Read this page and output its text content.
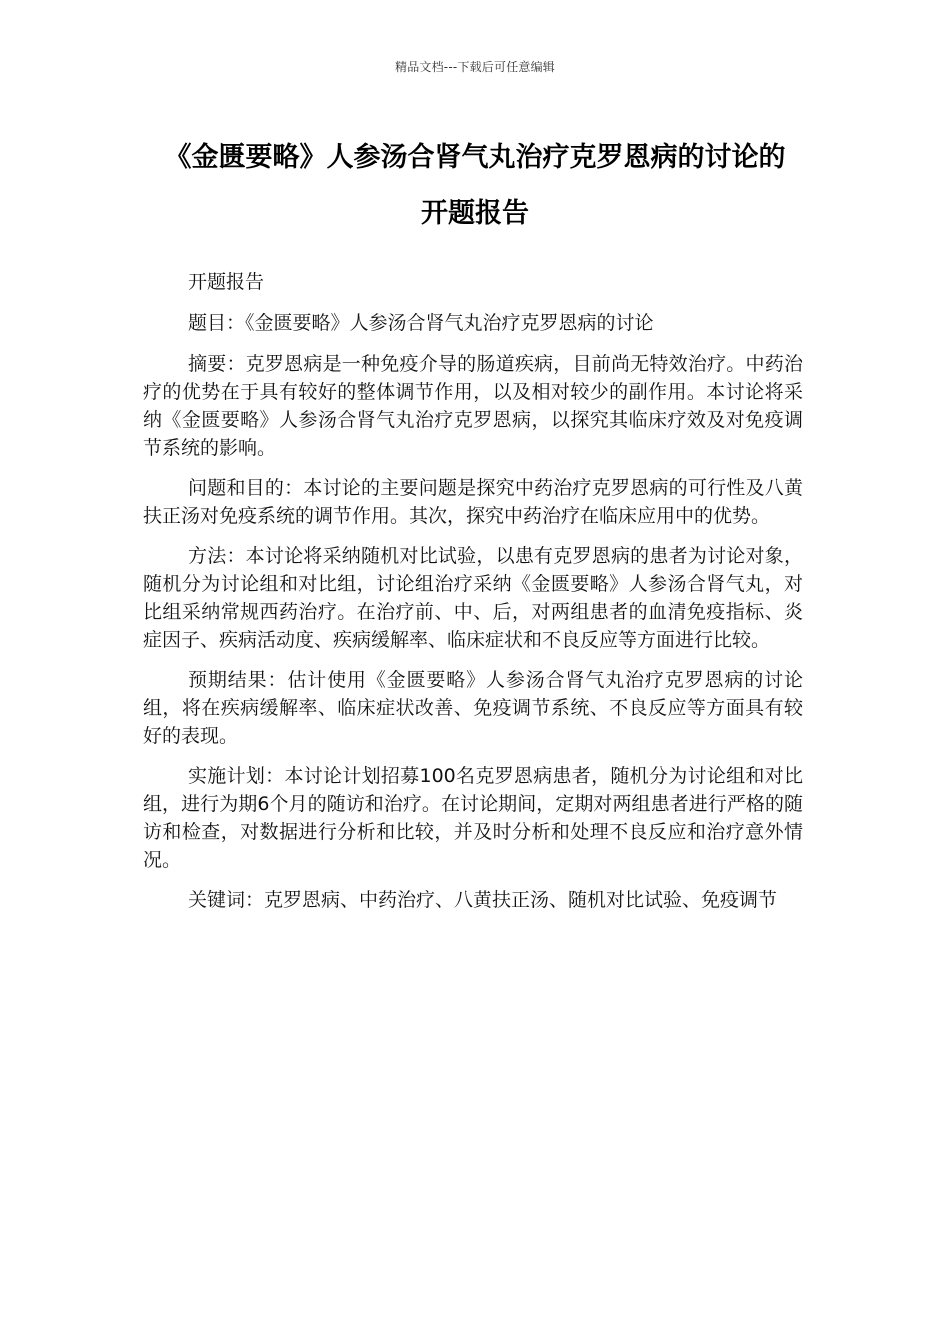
精品文档---下载后可任意编辑
《金匮要略》人参汤合肾气丸治疗克罗恩病的讨论的
开题报告

开题报告

题目：《金匮要略》人参汤合肾气丸治疗克罗恩病的讨论

摘要：克罗恩病是一种免疫介导的肠道疾病，目前尚无特效治疗。中药治疗的优势在于具有较好的整体调节作用，以及相对较少的副作用。本讨论将采纳《金匮要略》人参汤合肾气丸治疗克罗恩病，以探究其临床疗效及对免疫调节系统的影响。

问题和目的：本讨论的主要问题是探究中药治疗克罗恩病的可行性及八黄扶正汤对免疫系统的调节作用。其次，探究中药治疗在临床应用中的优势。

方法：本讨论将采纳随机对比试验，以患有克罗恩病的患者为讨论对象，随机分为讨论组和对比组，讨论组治疗采纳《金匮要略》人参汤合肾气丸，对比组采纳常规西药治疗。在治疗前、中、后，对两组患者的血清免疫指标、炎症因子、疾病活动度、疾病缓解率、临床症状和不良反应等方面进行比较。

预期结果：估计使用《金匮要略》人参汤合肾气丸治疗克罗恩病的讨论组，将在疾病缓解率、临床症状改善、免疫调节系统、不良反应等方面具有较好的表现。

实施计划：本讨论计划招募100名克罗恩病患者，随机分为讨论组和对比组，进行为期6个月的随访和治疗。在讨论期间，定期对两组患者进行严格的随访和检查，对数据进行分析和比较，并及时分析和处理不良反应和治疗意外情况。

关键词：克罗恩病、中药治疗、八黄扶正汤、随机对比试验、免疫调节
